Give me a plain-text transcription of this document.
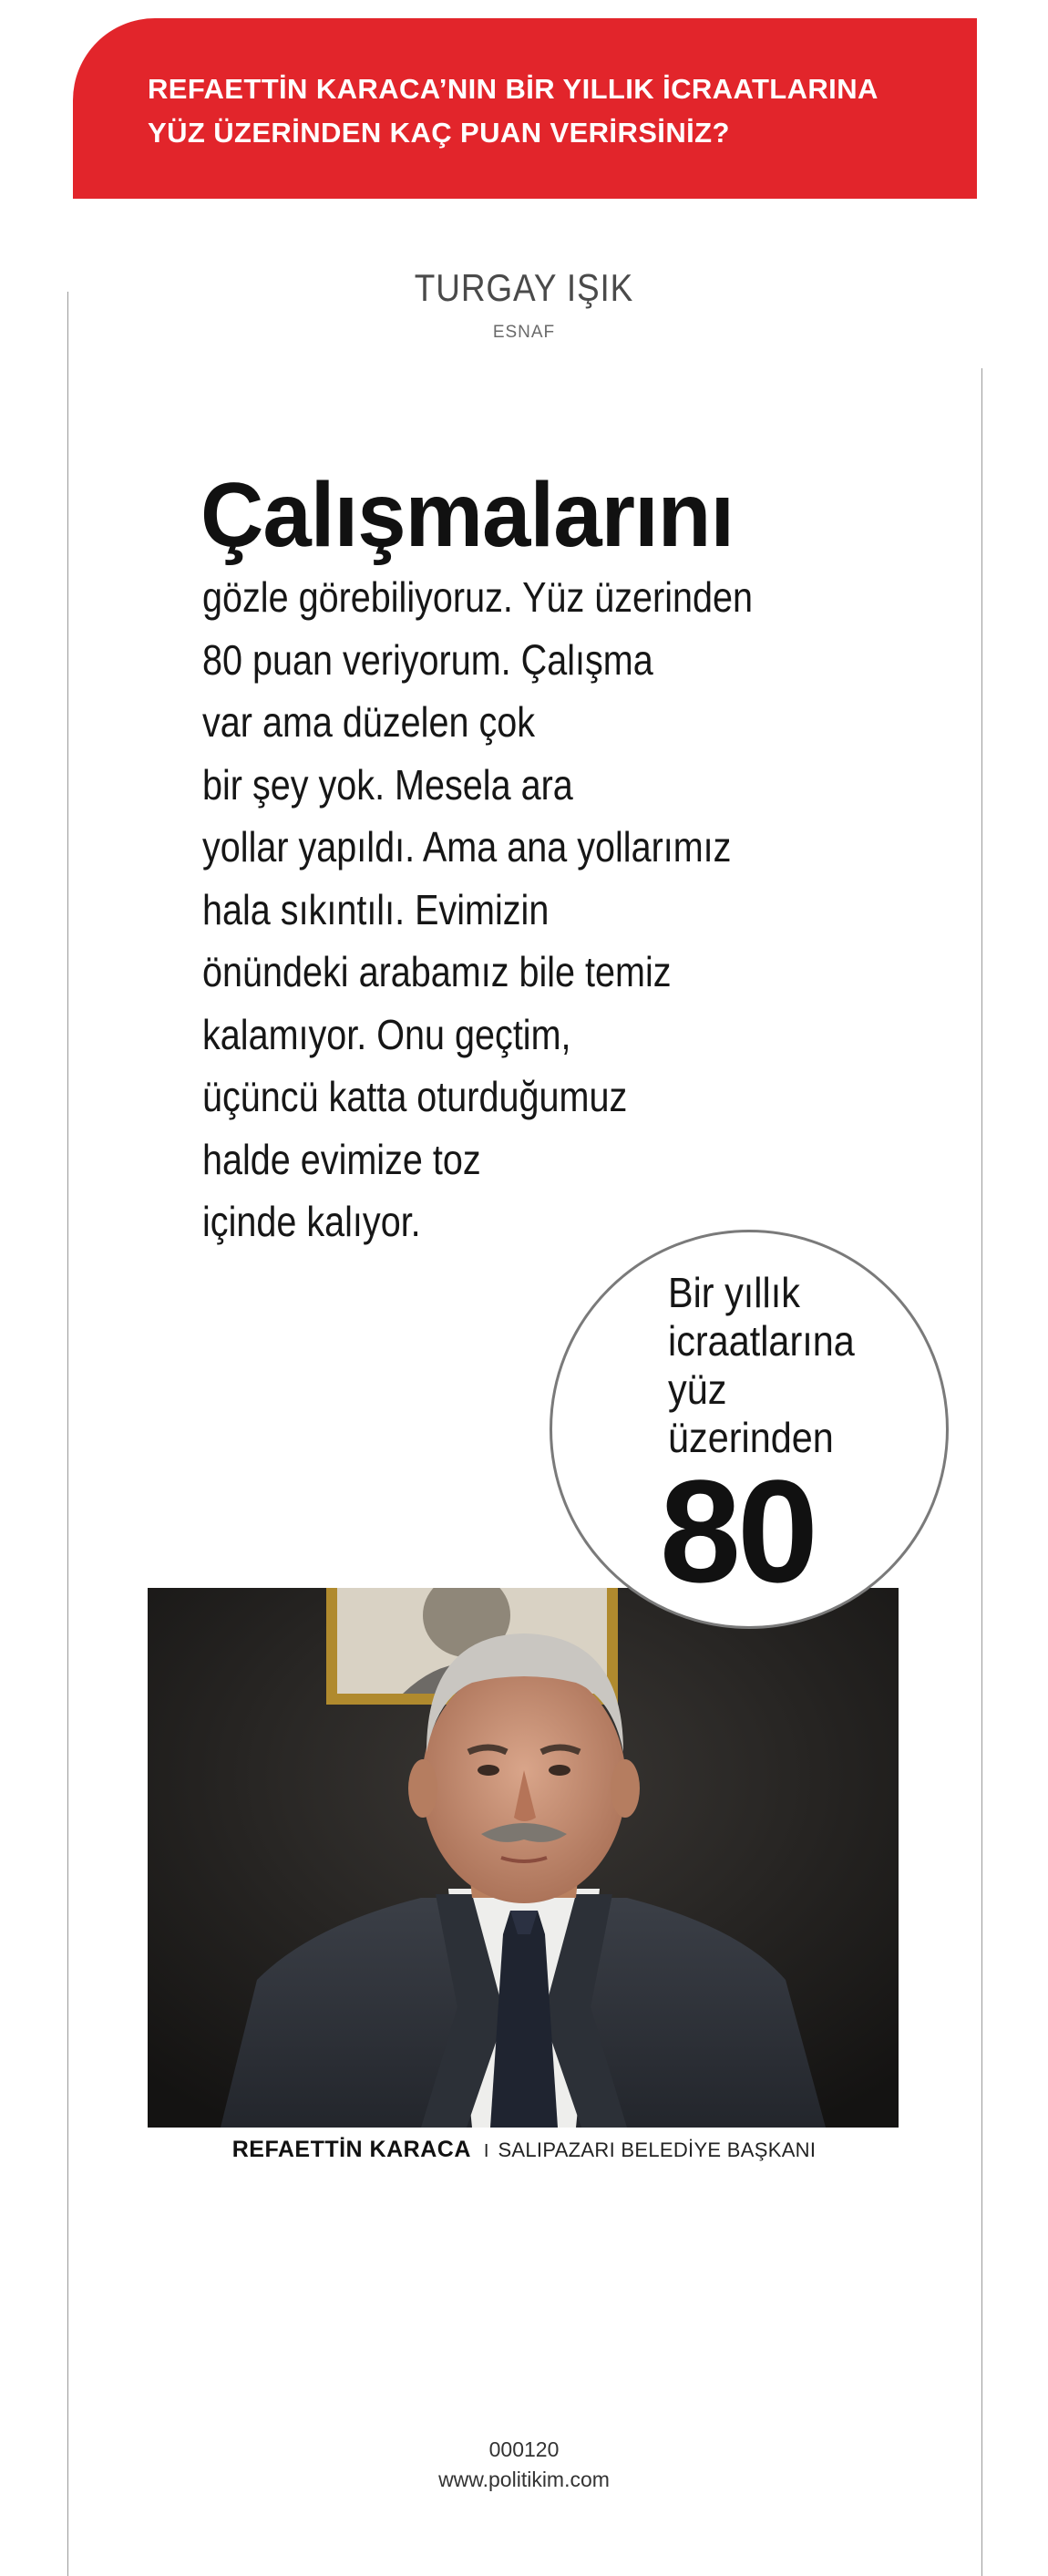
REFAETTİN KARACA’NIN BİR YILLIK İCRAATLARINA
YÜZ ÜZERİNDEN KAÇ PUAN VERİRSİNİZ?
TURGAY IŞIK
ESNAF
Çalışmalarını
gözle görebiliyoruz. Yüz üzerinden
80 puan veriyorum. Çalışma
var ama düzelen çok
bir şey yok. Mesela ara
yollar yapıldı. Ama ana yollarımız
hala sıkıntılı. Evimizin
önündeki arabamız bile temiz
kalamıyor. Onu geçtim,
üçüncü katta oturduğumuz
halde evimize toz
içinde kalıyor.
Bir yıllık
icraatlarına
yüz
üzerinden
80
REFAETTİN KARACA I SALIPAZARI BELEDİYE BAŞKANI
000120
www.politikim.com
